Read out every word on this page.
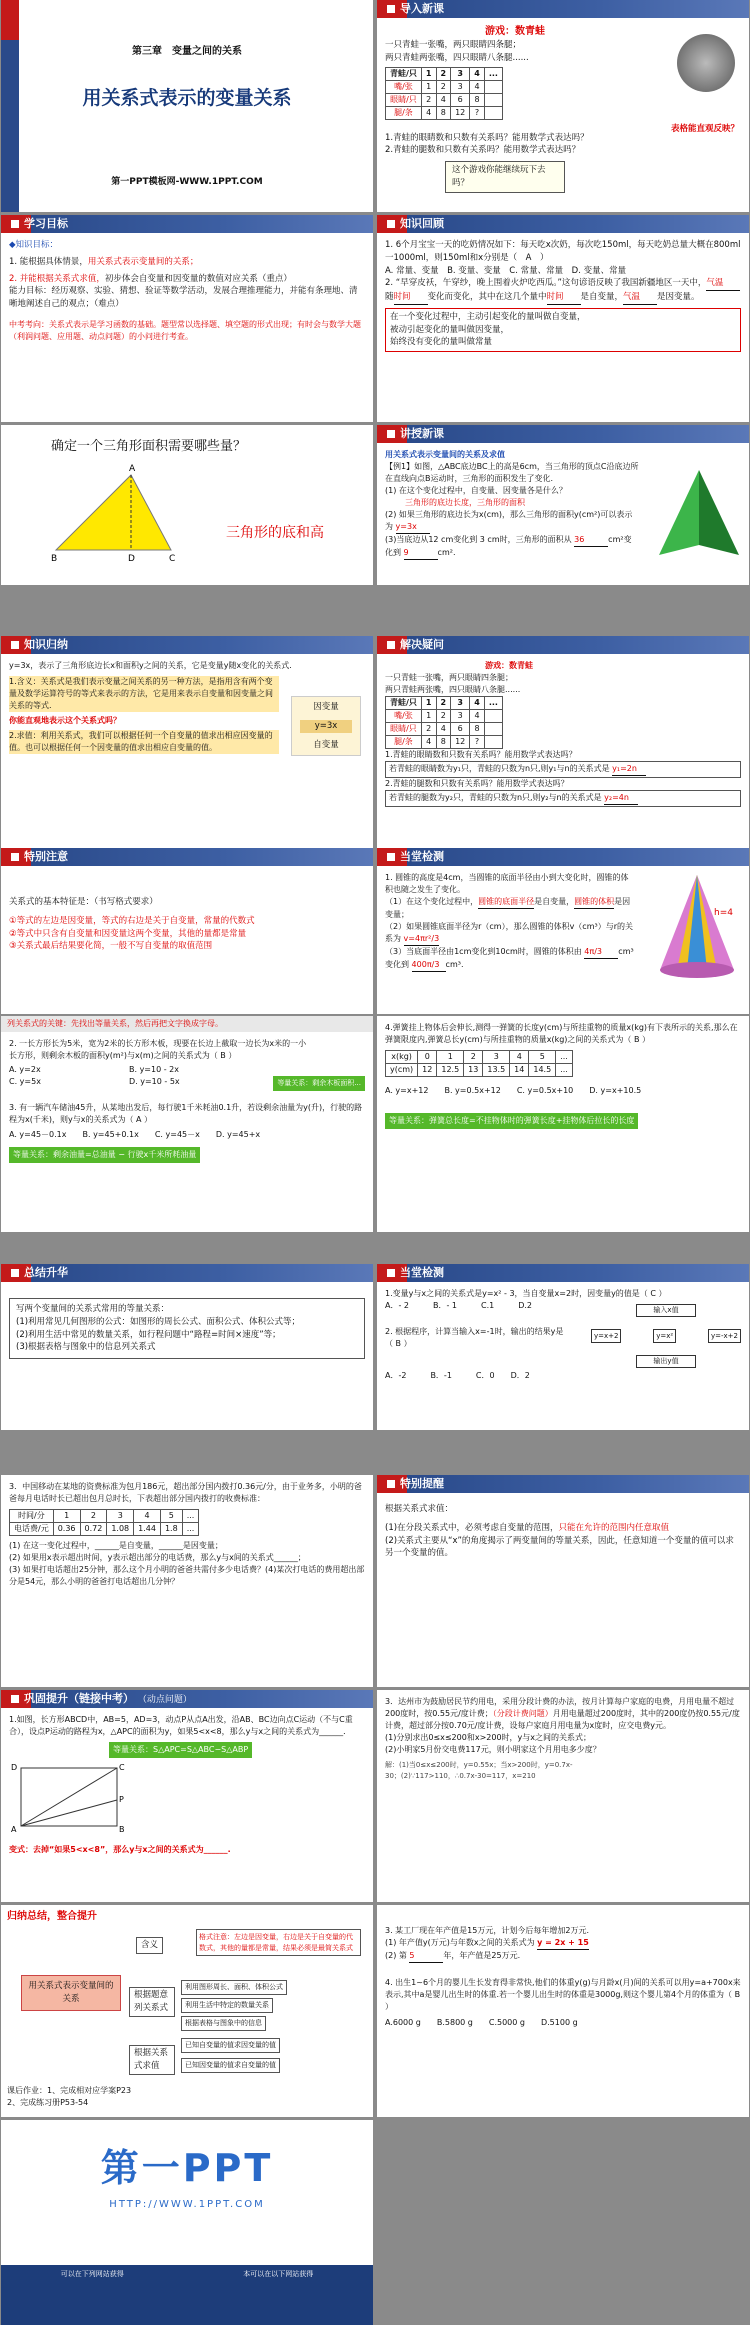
第三章　变量之间的关系
用关系式表示的变量关系
第一PPT模板网-WWW.1PPT.COM
导入新课
游戏：数青蛙
一只青蛙一张嘴，两只眼睛四条腿；
两只青蛙两张嘴，四只眼睛八条腿......
青蛙/只	1	2	3	4	...
嘴/张	1	2	3	4	
眼睛/只	2	4	6	8	
腿/条	4	8	12	?	
表格能直观反映？
1.青蛙的眼睛数和只数有关系吗？能用数学式表达吗？
2.青蛙的腿数和只数有关系吗？能用数学式表达吗？
这个游戏你能继续玩下去吗？
学习目标
◆知识目标：
1. 能根据具体情景，用关系式表示变量间的关系；
2. 并能根据关系式求值，初步体会自变量和因变量的数值对应关系（重点）
能力目标：经历观察、实验、猜想、验证等数学活动，发展合理推理能力，并能有条理地、清晰地阐述自己的观点；（难点）
中考考向：关系式表示是学习函数的基础。题型常以选择题、填空题的形式出现；有时会与数学大题（利润问题、应用题、动点问题）的小问进行考查。
知识回顾
1. 6个月宝宝一天的吃奶情况如下：每天吃x次奶，每次吃150ml，每天吃奶总量大概在800ml一1000ml，则150ml和x分别是（　A　）
A. 常量、变量　B. 变量、变量　C. 常量、常量　D. 变量、常量
2. “早穿皮袄，午穿纱，晚上围着火炉吃西瓜。”这句谚语反映了我国新疆地区一天中，气温随时间 变化而变化，其中在这几个量中时间 是自变量，气温 是因变量。
在一个变化过程中，主动引起变化的量叫做自变量，
被动引起变化的量叫做因变量，
始终没有变化的量叫做常量
确定一个三角形面积需要哪些量？
A
B	D	C
三角形的底和高
讲授新课
用关系式表示变量间的关系及求值
【例1】如图，△ABC底边BC上的高是6cm，当三角形的顶点C沿底边所在直线向点B运动时，三角形的面积发生了变化.
(1) 在这个变化过程中，自变量、因变量各是什么？
三角形的底边长度，三角形的面积
(2) 如果三角形的底边长为x(cm)，那么三角形的面积y(cm²)可以表示为 y=3x
(3)当底边从12 cm变化到 3 cm时，三角形的面积从 36	cm²变化到 9	cm².
知识归纳
y=3x，表示了三角形底边长x和面积y之间的关系，它是变量y随x变化的关系式.
1.含义：关系式是我们表示变量之间关系的另一种方法，是指用含有两个变量及数学运算符号的等式来表示的方法，它是用来表示自变量和因变量之间关系的等式.
你能直观地表示这个关系式吗？
2.求值：利用关系式，我们可以根据任何一个自变量的值求出相应因变量的值。也可以根据任何一个因变量的值求出相应自变量的值。
因变量
y=3x
自变量
解决疑问
游戏：数青蛙
一只青蛙一张嘴，两只眼睛四条腿；
两只青蛙两张嘴，四只眼睛八条腿......
青蛙/只	1	2	3	4	...
嘴/张	1	2	3	4	
眼睛/只	2	4	6	8	
腿/条	4	8	12	?	
1.青蛙的眼睛数和只数有关系吗？能用数学式表达吗？
若青蛙的眼睛数为y₁只，青蛙的只数为n只,则y₁与n的关系式是 y₁=2n
2.青蛙的腿数和只数有关系吗？能用数学式表达吗？
若青蛙的腿数为y₂只，青蛙的只数为n只,则y₂与n的关系式是 y₂=4n
特别注意
关系式的基本特征是：（书写格式要求）
①等式的左边是因变量，等式的右边是关于自变量，常量的代数式
②等式中只含有自变量和因变量这两个变量，其他的量都是常量
③关系式最后结果要化简，一般不写自变量的取值范围
当堂检测
1. 圆锥的高度是4cm，当圆锥的底面半径由小到大变化时，圆锥的体积也随之发生了变化。
（1）在这个变化过程中，圆锥的底面半径是自变量，圆锥的体积是因变量；
（2）如果圆锥底面半径为r（cm），那么圆锥的体积v（cm³）与r的关系为 v=4πr²/3
（3）当底面半径由1cm变化到10cm时，圆锥的体积由 4π/3 cm³变化到 400π/3 cm³.
h=4
列关系式的关键：先找出等量关系，然后再把文字换成字母。
2. 一长方形长为5米，宽为2米的长方形木板，现要在长边上截取一边长为x米的一小长方形，则剩余木板的面积y(m²)与x(m)之间的关系式为（ B ）
A. y=2x	B. y=10 - 2x
C. y=5x	D. y=10 - 5x	等量关系：剩余木板面积...
3. 有一辆汽车储油45升，从某地出发后，每行驶1千米耗油0.1升，若设剩余油量为y(升)，行驶的路程为x(千米)，则y与x的关系式为（ A ）
A. y=45－0.1x　　B. y=45+0.1x　　C. y=45－x　　D. y=45+x
等量关系：剩余油量=总油量 − 行驶x千米所耗油量
4.弹簧挂上物体后会伸长,测得一弹簧的长度y(cm)与所挂重物的质量x(kg)有下表所示的关系,那么在弹簧限度内,弹簧总长y(cm)与所挂重物的质量x(kg)之间的关系式为（ B ）
x(kg)	0	1	2	3	4	5	...
y(cm)	12	12.5	13	13.5	14	14.5	...
A. y=x+12　　B. y=0.5x+12　　C. y=0.5x+10　　D. y=x+10.5
等量关系：弹簧总长度=不挂物体时的弹簧长度+挂物体后拉长的长度
总结升华
写两个变量间的关系式常用的等量关系：
(1)利用常见几何图形的公式：如图形的周长公式、面积公式、体积公式等；
(2)利用生活中常见的数量关系，如行程问题中“路程=时间×速度”等；
(3)根据表格与图象中的信息列关系式
当堂检测
1.变量y与x之间的关系式是y=x² - 3，当自变量x=2时，因变量y的值是（ C ）
A．- 2　　　B．- 1　　　C.1　　　D.2
2. 根据程序，计算当输入x=-1时，输出的结果y是（ B ）
A．-2　　　B．-1　　　C．0　　D．2
输入x值
y=x+2	y=x²	y=-x+2
输出y值
3．中国移动在某地的资费标准为包月186元，超出部分国内拨打0.36元/分，由于业务多，小明的爸爸每月电话时长已超出包月总时长，下表超出部分国内拨打的收费标准：
时间/分	1	2	3	4	5	...
电话费/元	0.36	0.72	1.08	1.44	1.8	...
(1) 在这一变化过程中，______是自变量，______是因变量；
(2) 如果用x表示超出时间，y表示超出部分的电话费，那么y与x间的关系式______；
(3) 如果打电话超出25分钟，那么这个月小明的爸爸共需付多少电话费？(4)某次打电话的费用超出部分是54元，那么小明的爸爸打电话超出几分钟？
特别提醒
根据关系式求值：
(1)在分段关系式中，必须考虑自变量的范围，只能在允许的范围内任意取值
(2)关系式主要从“x”的角度揭示了两变量间的等量关系，因此，任意知道一个变量的值可以求另一个变量的值。
巩固提升（链接中考） （动点问题）
1.如图，长方形ABCD中，AB=5，AD=3，动点P从点A出发，沿AB、BC边向点C运动（不与C重合），设点P运动的路程为x，△APC的面积为y，如果5<x<8，那么y与x之间的关系式为______．
等量关系：S△APC=S△ABC−S△ABP
D	C
A	B
P
变式：去掉“如果5<x<8”，那么y与x之间的关系式为______.
3．达州市为鼓励居民节约用电，采用分段计费的办法，按月计算每户家庭的电费，月用电量不超过200度时，按0.55元/度计费；（分段计费问题）月用电量超过200度时，其中的200度仍按0.55元/度计费，超过部分按0.70元/度计费，设每户家庭月用电量为x度时，应交电费y元。
(1)分别求出0≤x≤200和x>200时，y与x之间的关系式；
(2)小明家5月份交电费117元，则小明家这个月用电多少度？
解：(1)当0≤x≤200时，y=0.55x；当x>200时，y=0.7x-30；(2)∵117>110，∴0.7x-30=117，x=210
归纳总结，整合提升
用关系式表示变量间的关系
含义
根据题意列关系式
根据关系式求值
格式注意：左边是因变量，右边是关于自变量的代数式，其他的量都是常量，结果必须是最简关系式
利用图形周长、面积、体积公式
利用生活中特定的数量关系
根据表格与图象中的信息
已知自变量的值求因变量的值
已知因变量的值求自变量的值
课后作业：1、完成相对应学案P23
2、完成练习册P53-54
3. 某工厂现在年产值是15万元，计划今后每年增加2万元.
(1) 年产值y(万元)与年数x之间的关系式为 y = 2x + 15
(2) 第 5	年，年产值是25万元.
4. 出生1~6个月的婴儿生长发育得非常快,他们的体重y(g)与月龄x(月)间的关系可以用y=a+700x来表示,其中a是婴儿出生时的体重.若一个婴儿出生时的体重是3000g,则这个婴儿第4个月的体重为（ B ）
A.6000 g　　B.5800 g　　C.5000 g　　D.5100 g
第一PPT
HTTP://WWW.1PPT.COM
可以在下列网站获得	本可以在以下网站获得
